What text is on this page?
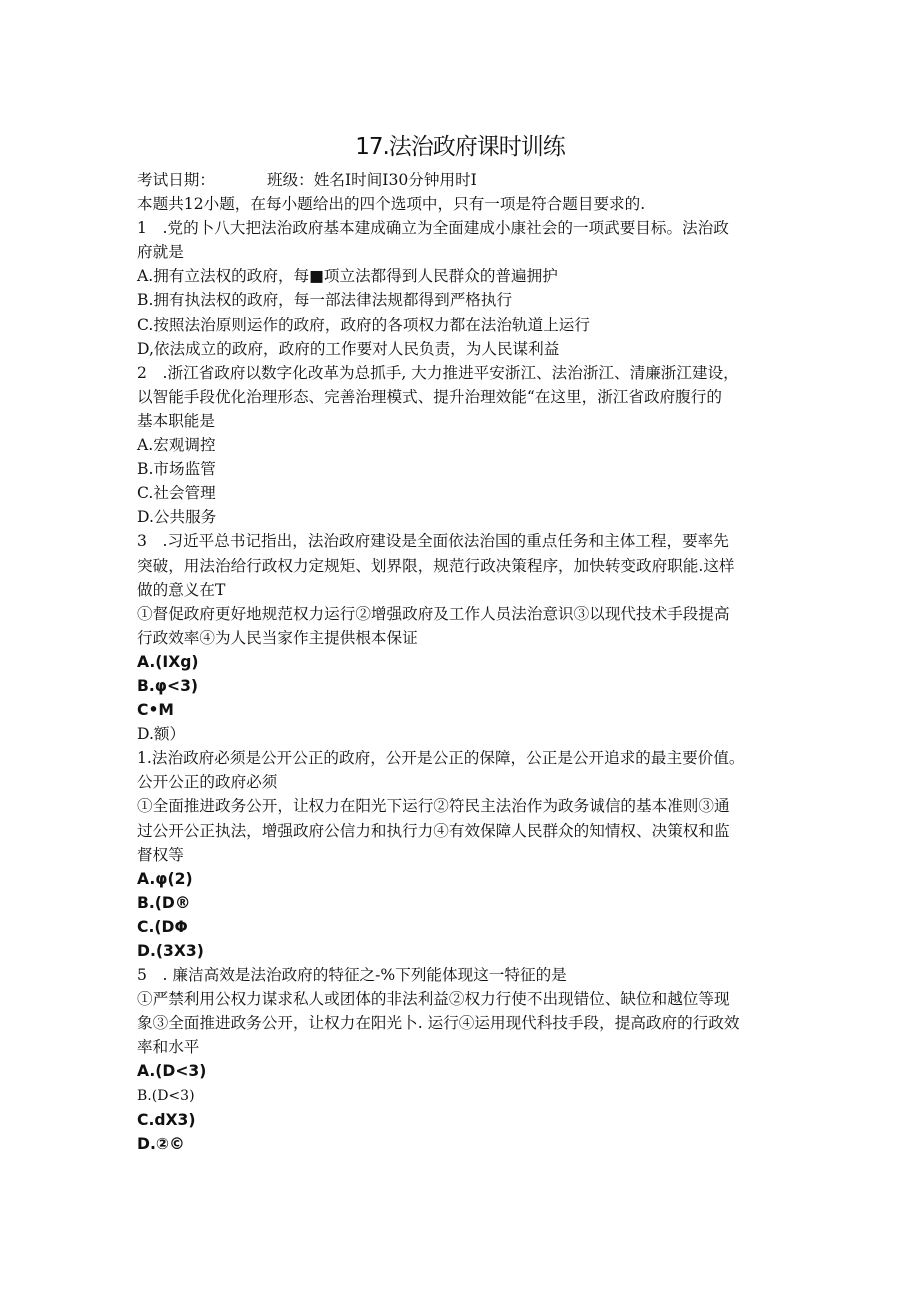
17.法治政府课时训练
考试日期：	班级：姓名I时间I30分钟用时I
本题共12小题，在每小题给出的四个选项中，只有一项是符合题目要求的.
1　.党的卜八大把法治政府基本建成确立为全面建成小康社会的一项武要目标。法治政
府就是
A.拥有立法权的政府，每■项立法都得到人民群众的普遍拥护
B.拥有执法权的政府，每一部法律法规都得到严格执行
C.按照法治原则运作的政府，政府的各项权力都在法治轨道上运行
D,依法成立的政府，政府的工作要对人民负责，为人民谋利益
2　.浙江省政府以数字化改革为总抓手, 大力推进平安浙江、法治浙江、清廉浙江建设，
以智能手段优化治理形态、完善治理模式、提升治理效能“在这里，浙江省政府腹行的
基本职能是
A.宏观调控
B.市场监管
C.社会管理
D.公共服务
3　.习近平总书记指出，法治政府建设是全面依法治国的重点任务和主体工程，要率先
突破，用法治给行政权力定规矩、划界限，规范行政决策程序，加快转变政府职能.这样
做的意义在T
①督促政府更好地规范权力运行②增强政府及工作人员法治意识③以现代技术手段提高
行政效率④为人民当家作主提供根本保证
A.(IXg)
B.φ<3)
C•M
D.额）
1.法治政府必须是公开公正的政府，公开是公正的保障，公正是公开追求的最主要价值。
公开公正的政府必须
①全面推进政务公开，让权力在阳光下运行②符民主法治作为政务诚信的基本准则③通
过公开公正执法，增强政府公信力和执行力④有效保障人民群众的知情权、决策权和监
督权等
A.φ(2)
B.(D®
C.(DΦ
D.(3X3)
5　. 廉洁高效是法治政府的特征之-%下列能体现这一特征的是
①严禁利用公权力谋求私人或团体的非法利益②权力行使不出现错位、缺位和越位等现
象③全面推进政务公开，让权力在阳光卜. 运行④运用现代科技手段，提高政府的行政效
率和水平
A.(D<3)
B.(D<3)
C.dX3)
D.②©
